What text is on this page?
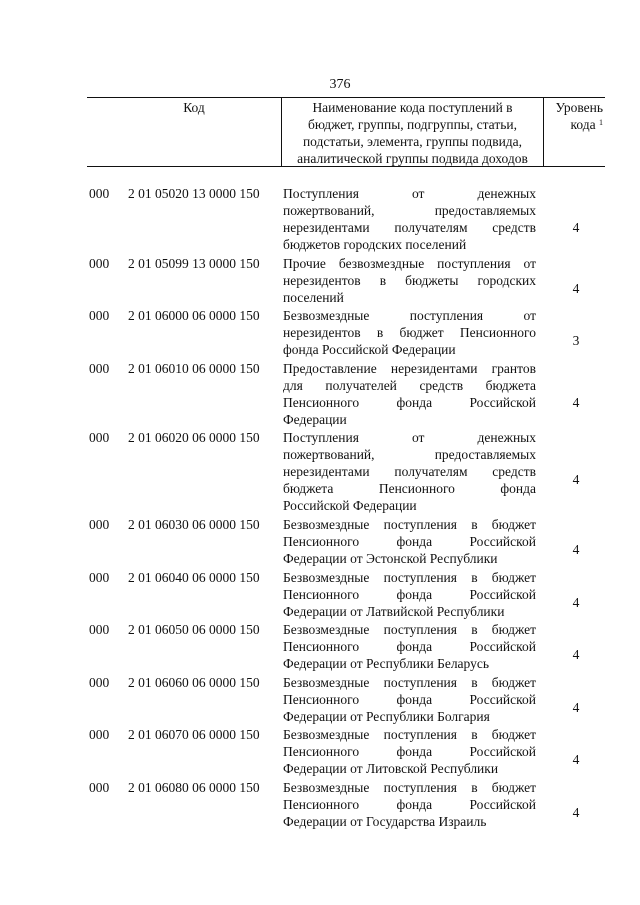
376
Код	Наименование кода поступлений в
бюджет, группы, подгруппы, статьи,
подстатьи, элемента, группы подвида,
аналитической группы подвида доходов
Уровень
кода $^1$
000	2 01 05020 13 0000 150	Поступления от денежных
пожертвований, предоставляемых
нерезидентами получателям средств
бюджетов городских поселений
4
000	2 01 05099 13 0000 150	Прочие безвозмездные поступления от
нерезидентов в бюджеты городских
поселений
4
000	2 01 06000 06 0000 150	Безвозмездные поступления от
нерезидентов в бюджет Пенсионного
фонда Российской Федерации
3
000	2 01 06010 06 0000 150	Предоставление нерезидентами грантов
для получателей средств бюджета
Пенсионного фонда Российской
Федерации
4
000	2 01 06020 06 0000 150	Поступления от денежных
пожертвований, предоставляемых
нерезидентами получателям средств
бюджета Пенсионного фонда
Российской Федерации
4
000	2 01 06030 06 0000 150	Безвозмездные поступления в бюджет
Пенсионного фонда Российской
Федерации от Эстонской Республики
4
000	2 01 06040 06 0000 150	Безвозмездные поступления в бюджет
Пенсионного фонда Российской
Федерации от Латвийской Республики
4
000	2 01 06050 06 0000 150	Безвозмездные поступления в бюджет
Пенсионного фонда Российской
Федерации от Республики Беларусь
4
000	2 01 06060 06 0000 150	Безвозмездные поступления в бюджет
Пенсионного фонда Российской
Федерации от Республики Болгария
4
000	2 01 06070 06 0000 150	Безвозмездные поступления в бюджет
Пенсионного фонда Российской
Федерации от Литовской Республики
4
000	2 01 06080 06 0000 150	Безвозмездные поступления в бюджет
Пенсионного фонда Российской
Федерации от Государства Израиль
4
